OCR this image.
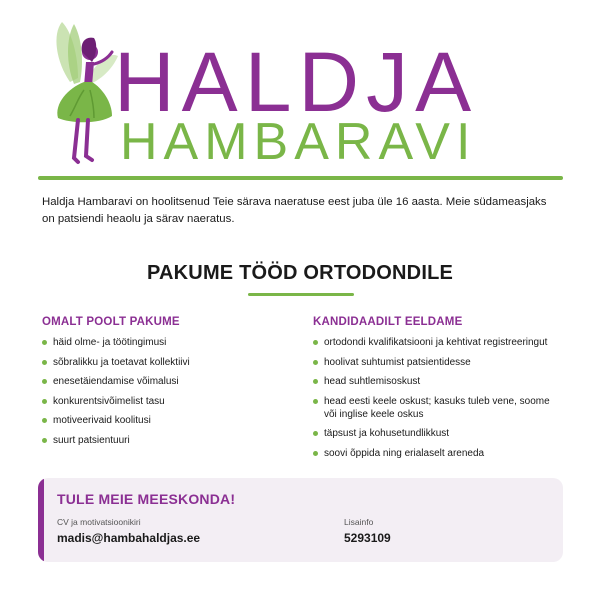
HALDJA
HAMBARAVI

Haldja Hambaravi on hoolitsenud Teie särava naeratuse eest juba üle 16 aasta. Meie südameasjaks on patsiendi heaolu ja särav naeratus.

PAKUME TÖÖD ORTODONDILE
OMALT POOLT PAKUME
häid olme- ja töötingimusi
sõbralikku ja toetavat kollektiivi
enesetäiendamise võimalusi
konkurentsivõimelist tasu
motiveerivaid koolitusi
suurt patsientuuri
KANDIDAADILT EELDAME
ortodondi kvalifikatsiooni ja kehtivat registreeringut
hoolivat suhtumist patsientidesse
head suhtlemisoskust
head eesti keele oskust; kasuks tuleb vene, soome või inglise keele oskus
täpsust ja kohusetundlikkust
soovi õppida ning erialaselt areneda
TULE MEIE MEESKONDA!
CV ja motivatsioonikiri
madis@hambahaldjas.ee
Lisainfo
5293109
